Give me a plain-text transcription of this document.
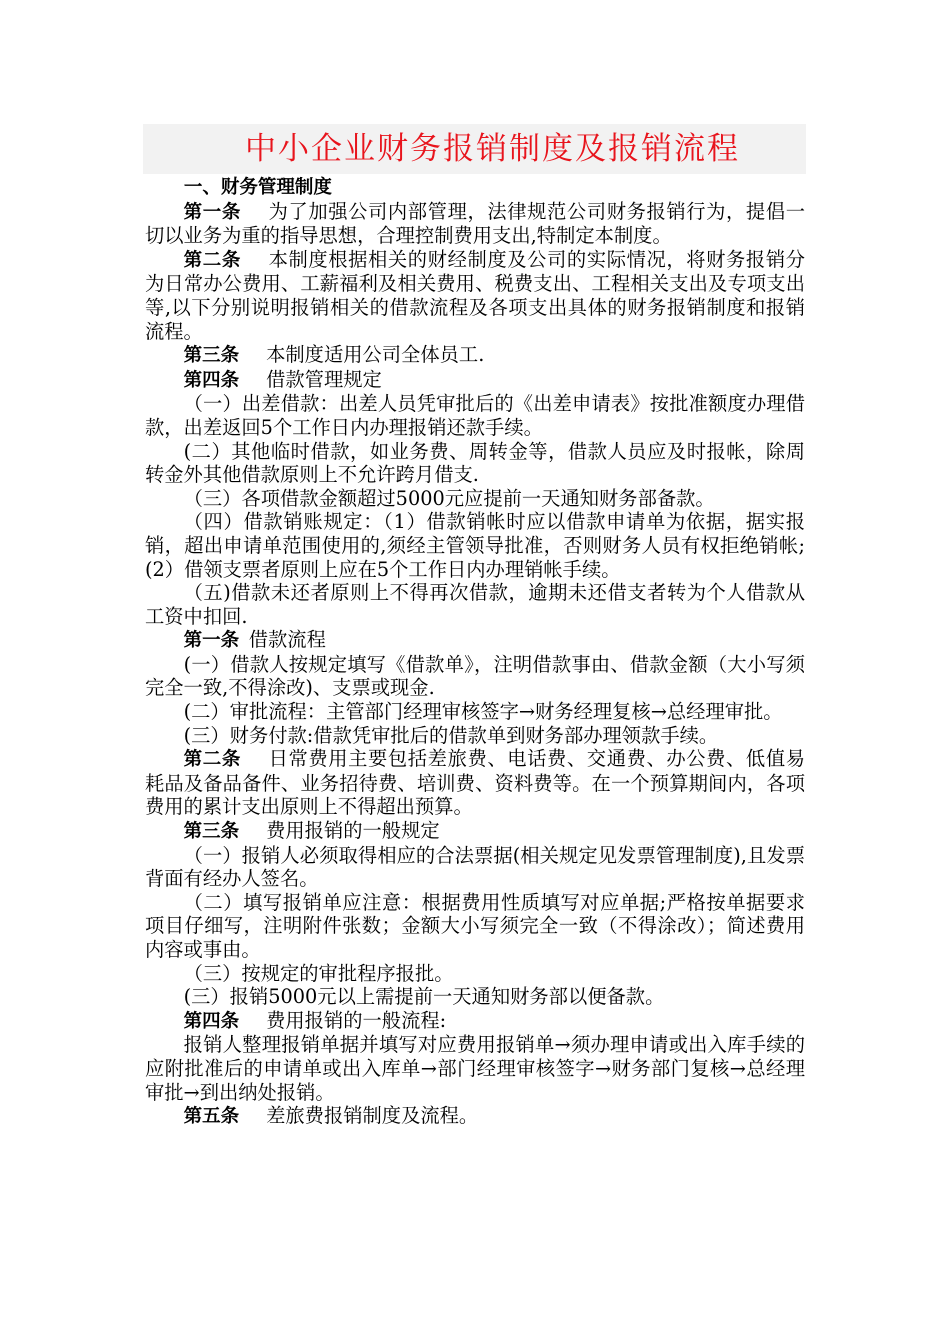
中小企业财务报销制度及报销流程

一、财务管理制度

第一条 为了加强公司内部管理，法律规范公司财务报销行为，提倡一切以业务为重的指导思想，合理控制费用支出,特制定本制度。

第二条 本制度根据相关的财经制度及公司的实际情况，将财务报销分为日常办公费用、工薪福利及相关费用、税费支出、工程相关支出及专项支出等,以下分别说明报销相关的借款流程及各项支出具体的财务报销制度和报销流程。

第三条 本制度适用公司全体员工.

第四条 借款管理规定

（一）出差借款：出差人员凭审批后的《出差申请表》按批准额度办理借款，出差返回5个工作日内办理报销还款手续。

(二）其他临时借款，如业务费、周转金等，借款人员应及时报帐，除周转金外其他借款原则上不允许跨月借支.

（三）各项借款金额超过5000元应提前一天通知财务部备款。

（四）借款销账规定：（1）借款销帐时应以借款申请单为依据，据实报销，超出申请单范围使用的,须经主管领导批准，否则财务人员有权拒绝销帐;(2）借领支票者原则上应在5个工作日内办理销帐手续。

（五)借款未还者原则上不得再次借款，逾期未还借支者转为个人借款从工资中扣回.

第一条 借款流程

(一）借款人按规定填写《借款单》，注明借款事由、借款金额（大小写须完全一致,不得涂改)、支票或现金.

(二）审批流程：主管部门经理审核签字→财务经理复核→总经理审批。

(三）财务付款:借款凭审批后的借款单到财务部办理领款手续。

第二条 日常费用主要包括差旅费、电话费、交通费、办公费、低值易耗品及备品备件、业务招待费、培训费、资料费等。在一个预算期间内，各项费用的累计支出原则上不得超出预算。

第三条 费用报销的一般规定

（一）报销人必须取得相应的合法票据(相关规定见发票管理制度),且发票背面有经办人签名。

（二）填写报销单应注意：根据费用性质填写对应单据;严格按单据要求项目仔细写，注明附件张数；金额大小写须完全一致（不得涂改）；简述费用内容或事由。

（三）按规定的审批程序报批。

(三）报销5000元以上需提前一天通知财务部以便备款。

第四条 费用报销的一般流程:

报销人整理报销单据并填写对应费用报销单→须办理申请或出入库手续的应附批准后的申请单或出入库单→部门经理审核签字→财务部门复核→总经理审批→到出纳处报销。

第五条 差旅费报销制度及流程。
